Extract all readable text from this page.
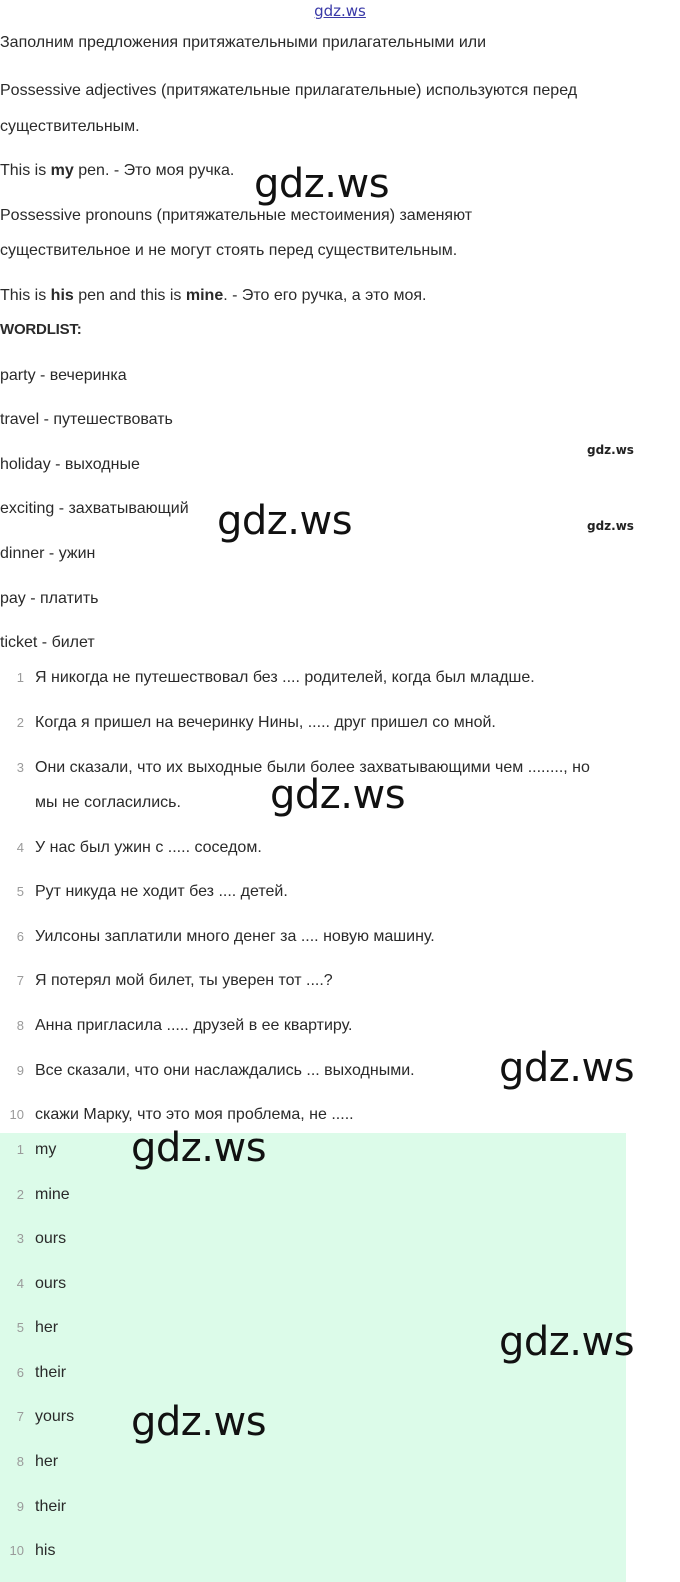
gdz.ws
Заполним предложения притяжательными прилагательными или
Possessive adjectives (притяжательные прилагательные) используются перед
существительным.
This is my pen. - Это моя ручка.
Possessive pronouns (притяжательные местоимения) заменяют
существительное и не могут стоять перед существительным.
This is his pen and this is mine. - Это его ручка, а это моя.
WORDLIST:
party - вечеринка
travel - путешествовать
holiday - выходные
exciting - захватывающий
dinner - ужин
pay - платить
ticket - билет
1 Я никогда не путешествовал без .... родителей, когда был младше.
2 Когда я пришел на вечеринку Нины, ..... друг пришел со мной.
3 Они сказали, что их выходные были более захватывающими чем ........, но
мы не согласились.
4 У нас был ужин с ..... соседом.
5 Рут никуда не ходит без .... детей.
6 Уилсоны заплатили много денег за .... новую машину.
7 Я потерял мой билет, ты уверен тот ....?
8 Анна пригласила ..... друзей в ее квартиру.
9 Все сказали, что они наслаждались ... выходными.
10 скажи Марку, что это моя проблема, не .....
1 my
2 mine
3 ours
4 ours
5 her
6 their
7 yours
8 her
9 their
10 his
gdz.ws
gdz.ws
gdz.ws	gdz.ws
gdz.ws
gdz.ws
gdz.ws
gdz.ws
gdz.ws
